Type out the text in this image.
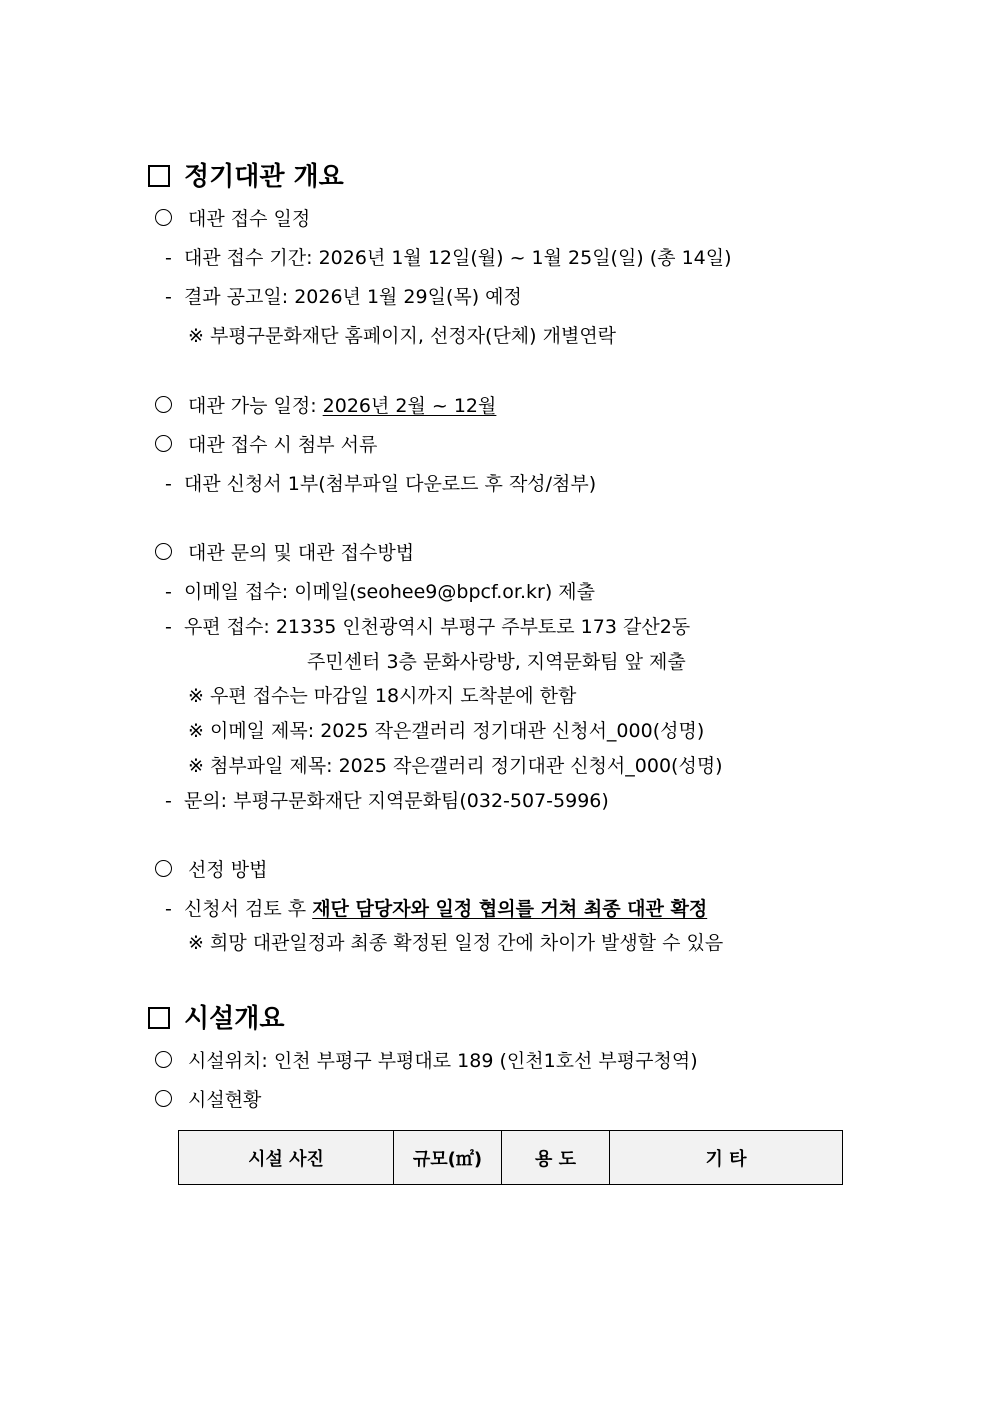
정기대관 개요
대관 접수 일정
-  대관 접수 기간: 2026년 1월 12일(월) ~ 1월 25일(일) (총 14일)
-  결과 공고일: 2026년 1월 29일(목) 예정
※ 부평구문화재단 홈페이지, 선정자(단체) 개별연락
대관 가능 일정: 2026년 2월 ~ 12월
대관 접수 시 첨부 서류
-  대관 신청서 1부(첨부파일 다운로드 후 작성/첨부)
대관 문의 및 대관 접수방법
-  이메일 접수: 이메일(seohee9@bpcf.or.kr) 제출
-  우편 접수: 21335 인천광역시 부평구 주부토로 173 갈산2동
주민센터 3층 문화사랑방, 지역문화팀 앞 제출
※ 우편 접수는 마감일 18시까지 도착분에 한함
※ 이메일 제목: 2025 작은갤러리 정기대관 신청서_000(성명)
※ 첨부파일 제목: 2025 작은갤러리 정기대관 신청서_000(성명)
-  문의: 부평구문화재단 지역문화팀(032-507-5996)
선정 방법
-  신청서 검토 후 재단 담당자와 일정 협의를 거쳐 최종 대관 확정
※ 희망 대관일정과 최종 확정된 일정 간에 차이가 발생할 수 있음
시설개요
시설위치: 인천 부평구 부평대로 189 (인천1호선 부평구청역)
시설현황
시설 사진	규모(㎡)	용 도	기 타
